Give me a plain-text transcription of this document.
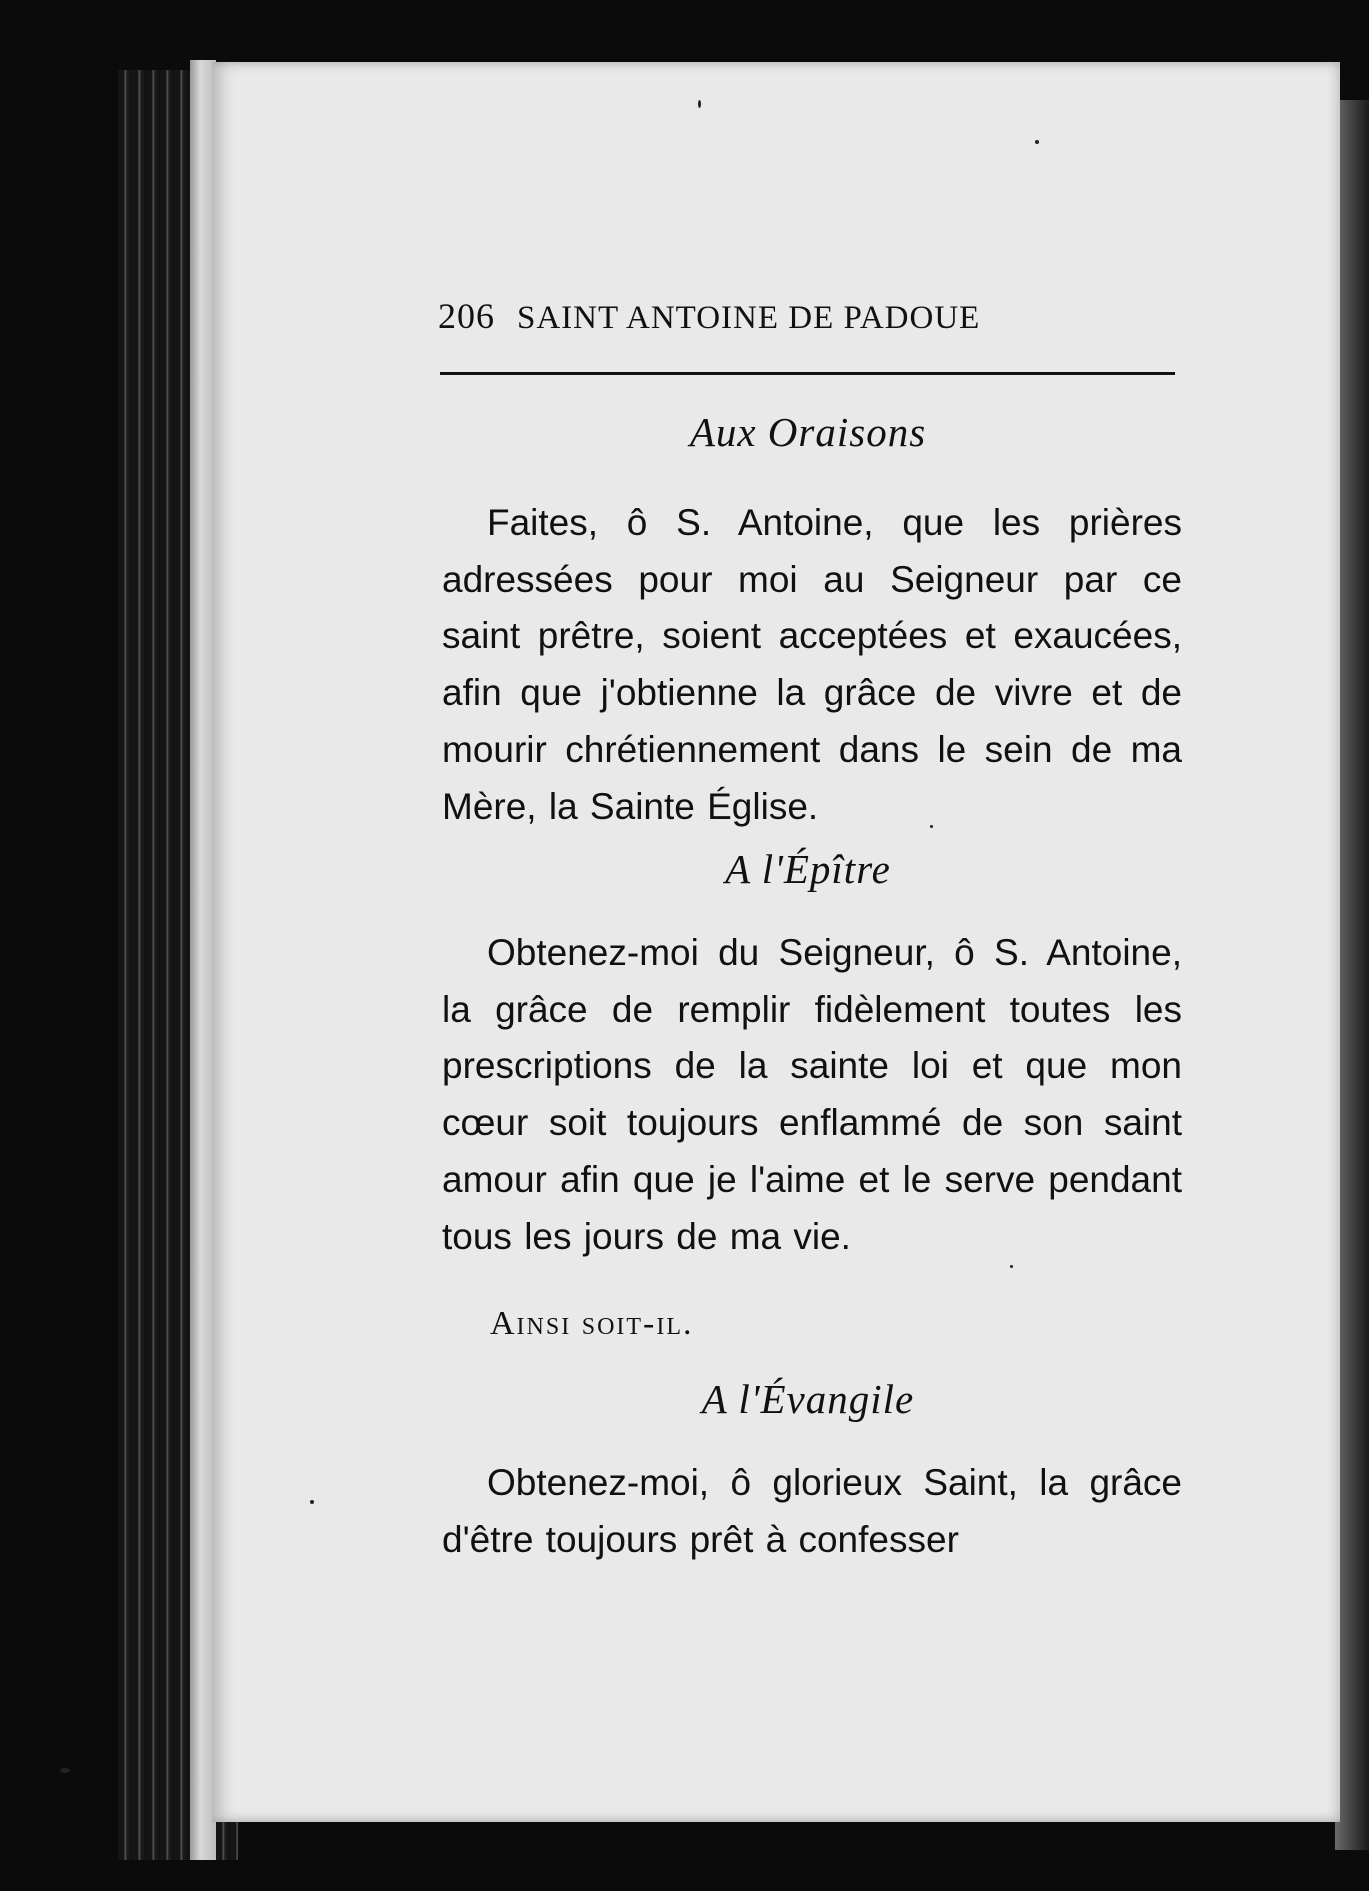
206 SAINT ANTOINE DE PADOUE
Aux Oraisons
Faites, ô S. Antoine, que les prières adressées pour moi au Seigneur par ce saint prêtre, soient acceptées et exaucées, afin que j'obtienne la grâce de vivre et de mourir chrétiennement dans le sein de ma Mère, la Sainte Église.
A l'Épître
Obtenez-moi du Seigneur, ô S. Antoine, la grâce de remplir fidèlement toutes les prescriptions de la sainte loi et que mon cœur soit toujours enflammé de son saint amour afin que je l'aime et le serve pendant tous les jours de ma vie.
Ainsi soit-il.
A l'Évangile
Obtenez-moi, ô glorieux Saint, la grâce d'être toujours prêt à confesser
